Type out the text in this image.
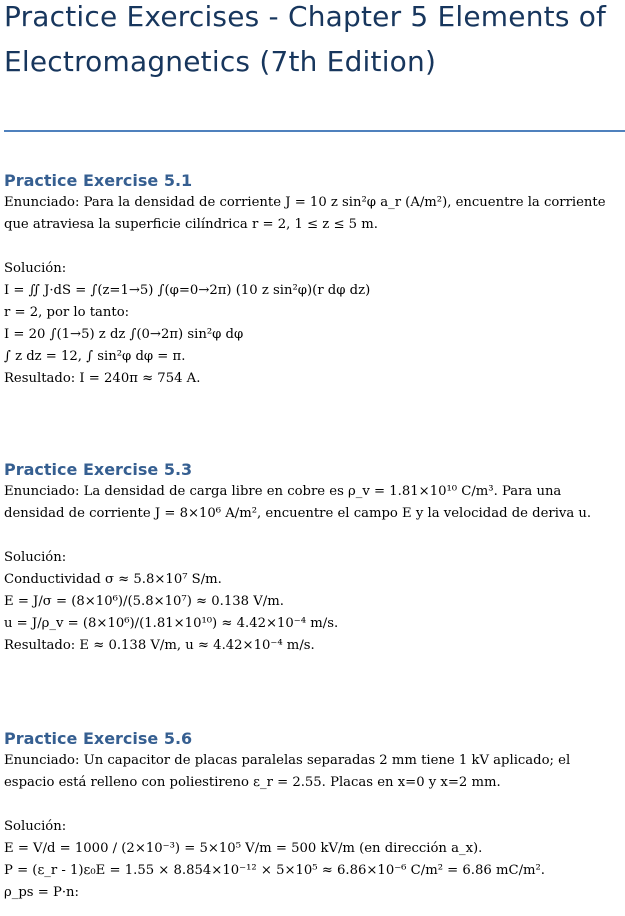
Practice Exercises - Chapter 5 Elements of Electromagnetics (7th Edition)
Practice Exercise 5.1

Enunciado: Para la densidad de corriente J = 10 z sin²φ a_r (A/m²), encuentre la corriente que atraviesa la superficie cilíndrica r = 2, 1 ≤ z ≤ 5 m.

Solución:

I = ∬ J·dS = ∫(z=1→5) ∫(φ=0→2π) (10 z sin²φ)(r dφ dz)

r = 2, por lo tanto:

I = 20 ∫(1→5) z dz ∫(0→2π) sin²φ dφ

∫ z dz = 12, ∫ sin²φ dφ = π.

Resultado: I = 240π ≈ 754 A.

Practice Exercise 5.3

Enunciado: La densidad de carga libre en cobre es ρ_v = 1.81×10¹⁰ C/m³. Para una densidad de corriente J = 8×10⁶ A/m², encuentre el campo E y la velocidad de deriva u.

Solución:

Conductividad σ ≈ 5.8×10⁷ S/m.

E = J/σ = (8×10⁶)/(5.8×10⁷) ≈ 0.138 V/m.

u = J/ρ_v = (8×10⁶)/(1.81×10¹⁰) ≈ 4.42×10⁻⁴ m/s.

Resultado: E ≈ 0.138 V/m, u ≈ 4.42×10⁻⁴ m/s.

Practice Exercise 5.6

Enunciado: Un capacitor de placas paralelas separadas 2 mm tiene 1 kV aplicado; el espacio está relleno con poliestireno ε_r = 2.55. Placas en x=0 y x=2 mm.

Solución:

E = V/d = 1000 / (2×10⁻³) = 5×10⁵ V/m = 500 kV/m (en dirección a_x).

P = (ε_r - 1)ε₀E = 1.55 × 8.854×10⁻¹² × 5×10⁵ ≈ 6.86×10⁻⁶ C/m² = 6.86 mC/m².

ρ_ps = P·n:
